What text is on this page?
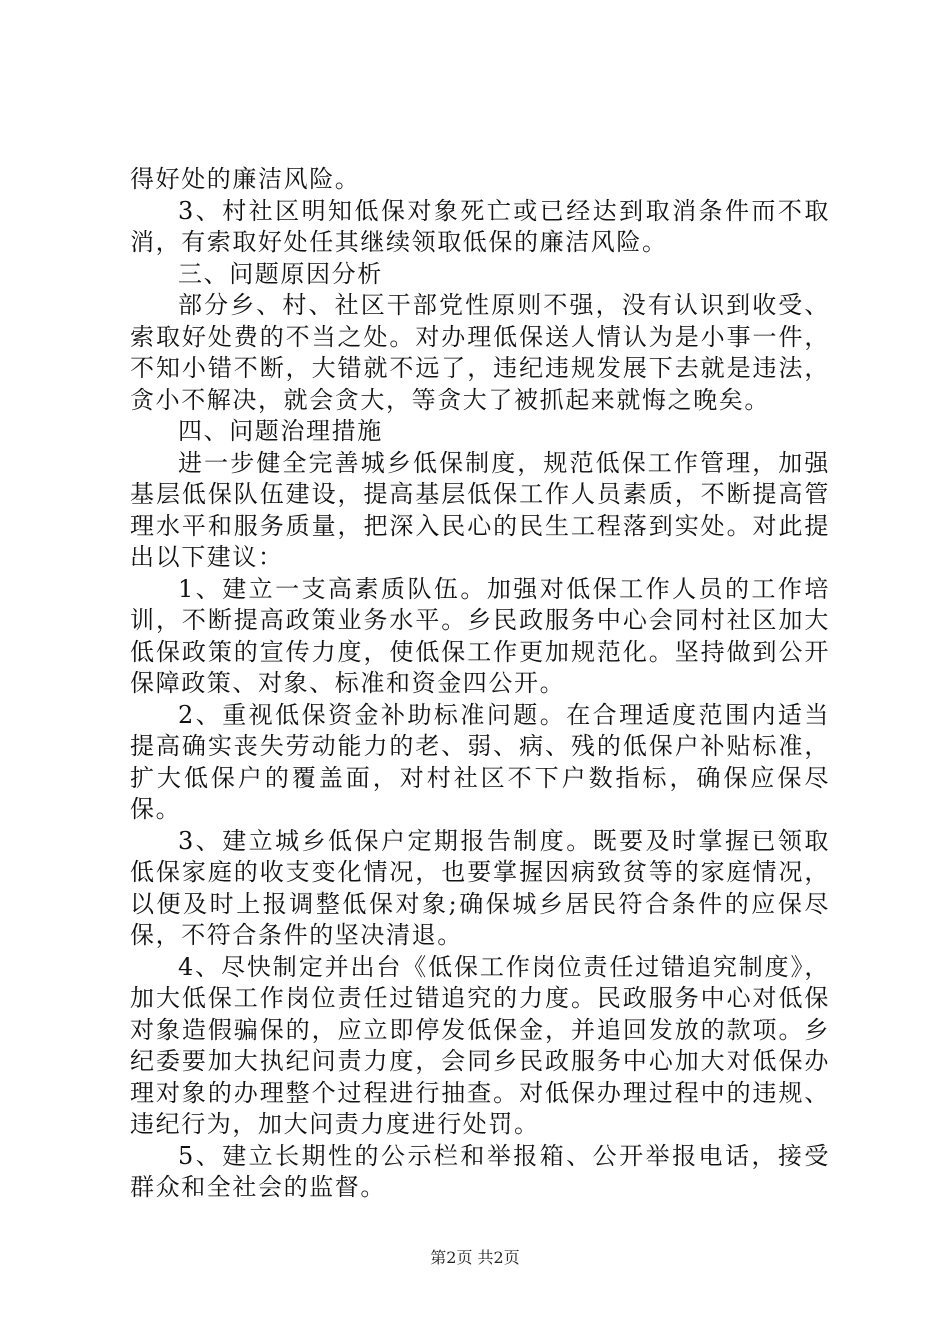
得好处的廉洁风险。

3、村社区明知低保对象死亡或已经达到取消条件而不取消，有索取好处任其继续领取低保的廉洁风险。

三、问题原因分析

部分乡、村、社区干部党性原则不强，没有认识到收受、索取好处费的不当之处。对办理低保送人情认为是小事一件，不知小错不断，大错就不远了，违纪违规发展下去就是违法，贪小不解决，就会贪大，等贪大了被抓起来就悔之晚矣。

四、问题治理措施

进一步健全完善城乡低保制度，规范低保工作管理，加强基层低保队伍建设，提高基层低保工作人员素质，不断提高管理水平和服务质量，把深入民心的民生工程落到实处。对此提出以下建议：

1、建立一支高素质队伍。加强对低保工作人员的工作培训，不断提高政策业务水平。乡民政服务中心会同村社区加大低保政策的宣传力度，使低保工作更加规范化。坚持做到公开保障政策、对象、标准和资金四公开。

2、重视低保资金补助标准问题。在合理适度范围内适当提高确实丧失劳动能力的老、弱、病、残的低保户补贴标准，扩大低保户的覆盖面，对村社区不下户数指标，确保应保尽保。

3、建立城乡低保户定期报告制度。既要及时掌握已领取低保家庭的收支变化情况，也要掌握因病致贫等的家庭情况，以便及时上报调整低保对象;确保城乡居民符合条件的应保尽保，不符合条件的坚决清退。

4、尽快制定并出台《低保工作岗位责任过错追究制度》，加大低保工作岗位责任过错追究的力度。民政服务中心对低保对象造假骗保的，应立即停发低保金，并追回发放的款项。乡纪委要加大执纪问责力度，会同乡民政服务中心加大对低保办理对象的办理整个过程进行抽查。对低保办理过程中的违规、违纪行为，加大问责力度进行处罚。

5、建立长期性的公示栏和举报箱、公开举报电话，接受群众和全社会的监督。

第2页 共2页
